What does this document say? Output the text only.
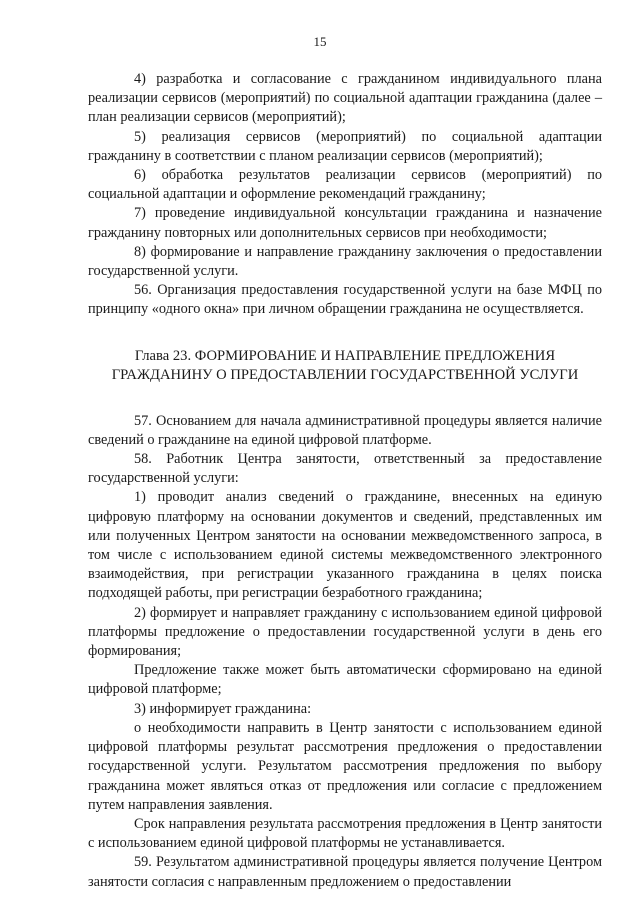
15

4) разработка и согласование с гражданином индивидуального плана реализации сервисов (мероприятий) по социальной адаптации гражданина (далее – план реализации сервисов (мероприятий);

5) реализация сервисов (мероприятий) по социальной адаптации гражданину в соответствии с планом реализации сервисов (мероприятий);

6) обработка результатов реализации сервисов (мероприятий) по социальной адаптации и оформление рекомендаций гражданину;

7) проведение индивидуальной консультации гражданина и назначение гражданину повторных или дополнительных сервисов при необходимости;

8) формирование и направление гражданину заключения о предоставлении государственной услуги.

56. Организация предоставления государственной услуги на базе МФЦ по принципу «одного окна» при личном обращении гражданина не осуществляется.

Глава 23. ФОРМИРОВАНИЕ И НАПРАВЛЕНИЕ ПРЕДЛОЖЕНИЯ
ГРАЖДАНИНУ О ПРЕДОСТАВЛЕНИИ ГОСУДАРСТВЕННОЙ УСЛУГИ

57. Основанием для начала административной процедуры является наличие сведений о гражданине на единой цифровой платформе.

58. Работник Центра занятости, ответственный за предоставление государственной услуги:

1) проводит анализ сведений о гражданине, внесенных на единую цифровую платформу на основании документов и сведений, представленных им или полученных Центром занятости на основании межведомственного запроса, в том числе с использованием единой системы межведомственного электронного взаимодействия, при регистрации указанного гражданина в целях поиска подходящей работы, при регистрации безработного гражданина;

2) формирует и направляет гражданину с использованием единой цифровой платформы предложение о предоставлении государственной услуги в день его формирования;

Предложение также может быть автоматически сформировано на единой цифровой платформе;

3) информирует гражданина:

о необходимости направить в Центр занятости с использованием единой цифровой платформы результат рассмотрения предложения о предоставлении государственной услуги. Результатом рассмотрения предложения по выбору гражданина может являться отказ от предложения или согласие с предложением путем направления заявления.

Срок направления результата рассмотрения предложения в Центр занятости с использованием единой цифровой платформы не устанавливается.

59. Результатом административной процедуры является получение Центром занятости согласия с направленным предложением о предоставлении
